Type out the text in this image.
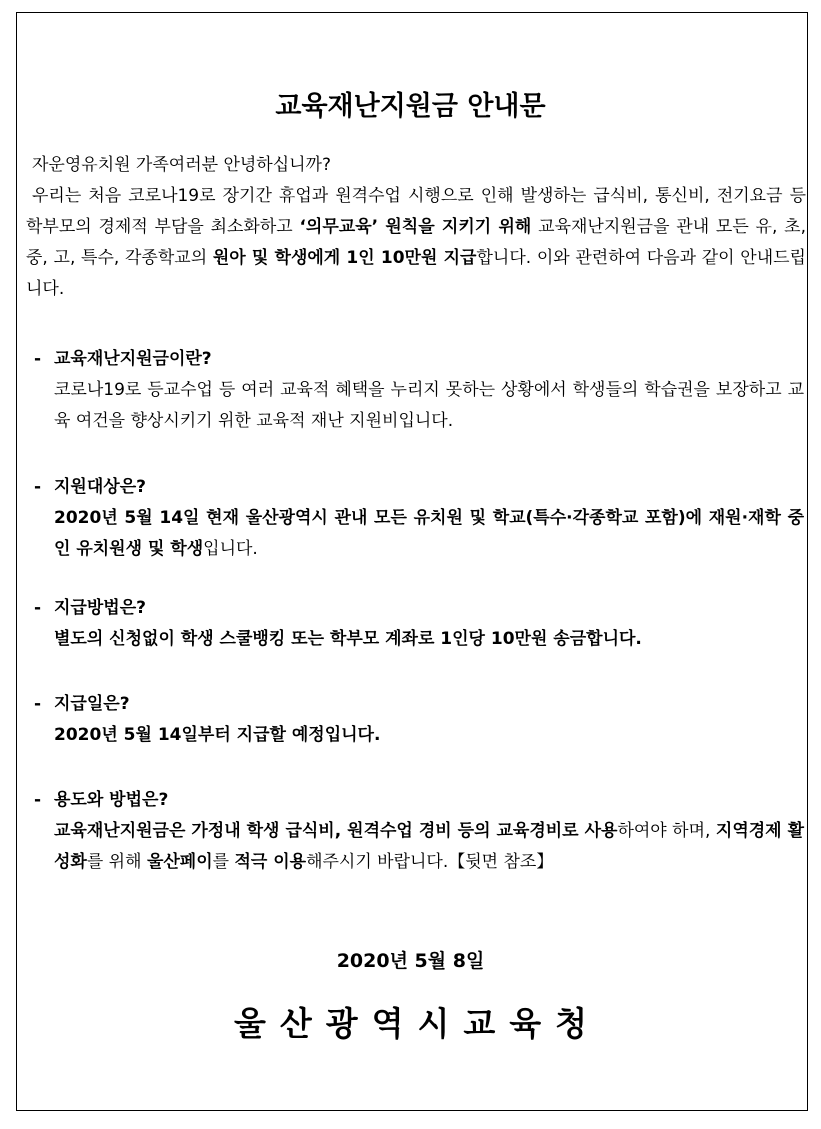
교육재난지원금 안내문

자운영유치원 가족여러분 안녕하십니까?

우리는 처음 코로나19로 장기간 휴업과 원격수업 시행으로 인해 발생하는 급식비, 통신비, 전기요금 등 학부모의 경제적 부담을 최소화하고 ‘의무교육’ 원칙을 지키기 위해 교육재난지원금을 관내 모든 유, 초, 중, 고, 특수, 각종학교의 원아 및 학생에게 1인 10만원 지급합니다. 이와 관련하여 다음과 같이 안내드립니다.

- 교육재난지원금이란?

코로나19로 등교수업 등 여러 교육적 혜택을 누리지 못하는 상황에서 학생들의 학습권을 보장하고 교육 여건을 향상시키기 위한 교육적 재난 지원비입니다.

- 지원대상은?

2020년 5월 14일 현재 울산광역시 관내 모든 유치원 및 학교(특수·각종학교 포함)에 재원·재학 중인 유치원생 및 학생입니다.

- 지급방법은?

별도의 신청없이 학생 스쿨뱅킹 또는 학부모 계좌로 1인당 10만원 송금합니다.

- 지급일은?

2020년 5월 14일부터 지급할 예정입니다.

- 용도와 방법은?

교육재난지원금은 가정내 학생 급식비, 원격수업 경비 등의 교육경비로 사용하여야 하며, 지역경제 활성화를 위해 울산페이를 적극 이용해주시기 바랍니다.【뒷면 참조】

2020년 5월 8일
울산광역시교육청
